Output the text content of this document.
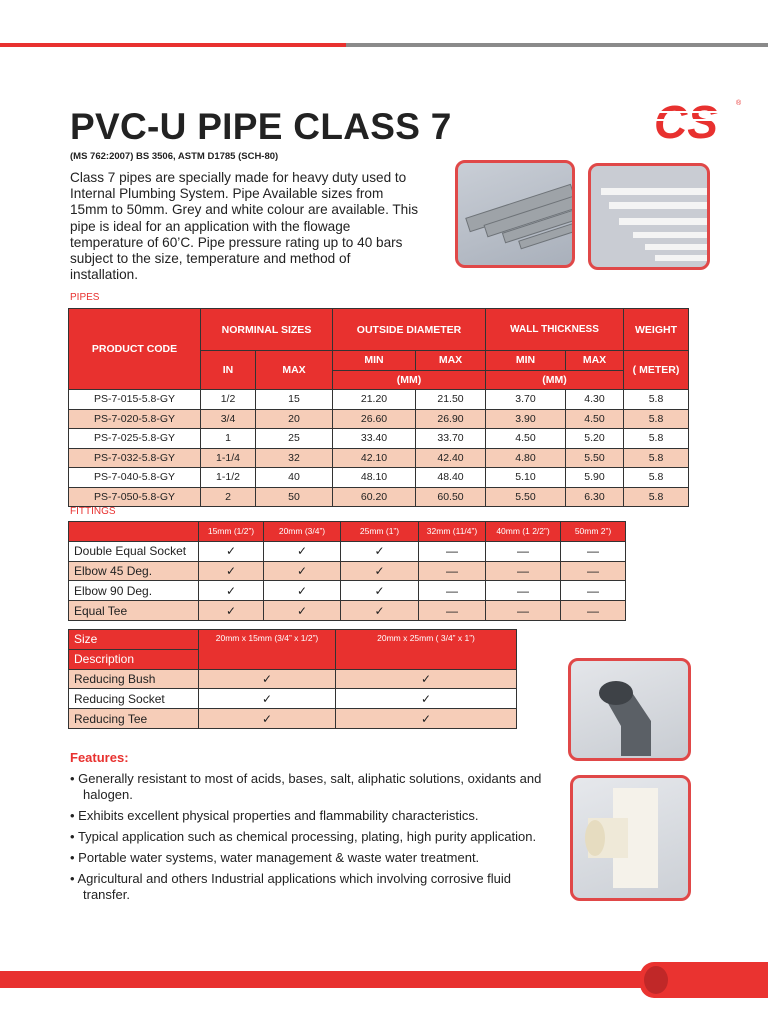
PVC-U PIPE CLASS 7
(MS 762:2007) BS 3506, ASTM D1785 (SCH-80)

Class 7 pipes are specially made for heavy duty used to Internal Plumbing System. Pipe Available sizes from 15mm to 50mm. Grey and white colour are available. This pipe is ideal for an application with the flowage temperature of 60’C. Pipe pressure rating up to 40 bars subject to the size, temperature and method of installation.

CS	®
PIPES
PRODUCT CODE	NORMINAL SIZES		OUTSIDE DIAMETER		WALL THICKNESS		WEIGHT
	IN	MAX	MIN	MAX	MIN	MAX	( METER)
			(MM)		(MM)		
PS-7-015-5.8-GY	1/2	15	21.20	21.50	3.70	4.30	5.8
PS-7-020-5.8-GY	3/4	20	26.60	26.90	3.90	4.50	5.8
PS-7-025-5.8-GY	1	25	33.40	33.70	4.50	5.20	5.8
PS-7-032-5.8-GY	1-1/4	32	42.10	42.40	4.80	5.50	5.8
PS-7-040-5.8-GY	1-1/2	40	48.10	48.40	5.10	5.90	5.8
PS-7-050-5.8-GY	2	50	60.20	60.50	5.50	6.30	5.8
FITTINGS
	15mm (1/2”)	20mm (3/4”)	25mm (1”)	32mm (11/4”)	40mm (1 2/2”)	50mm 2”)
Double Equal Socket	✓	✓	✓	—	—	—
Elbow 45 Deg.	✓	✓	✓	—	—	—
Elbow 90 Deg.	✓	✓	✓	—	—	—
Equal Tee	✓	✓	✓	—	—	—
Size	20mm x 15mm (3/4” x 1/2”)	20mm x 25mm ( 3/4” x 1”)
Description		
Reducing Bush	✓	✓
Reducing Socket	✓	✓
Reducing Tee	✓	✓
Features:
• Generally resistant to most of acids, bases, salt, aliphatic solutions, oxidants and halogen.
• Exhibits excellent physical properties and flammability characteristics.
• Typical application such as chemical processing, plating, high purity application.
• Portable water systems, water management & waste water treatment.
• Agricultural and others Industrial applications which involving corrosive fluid transfer.
